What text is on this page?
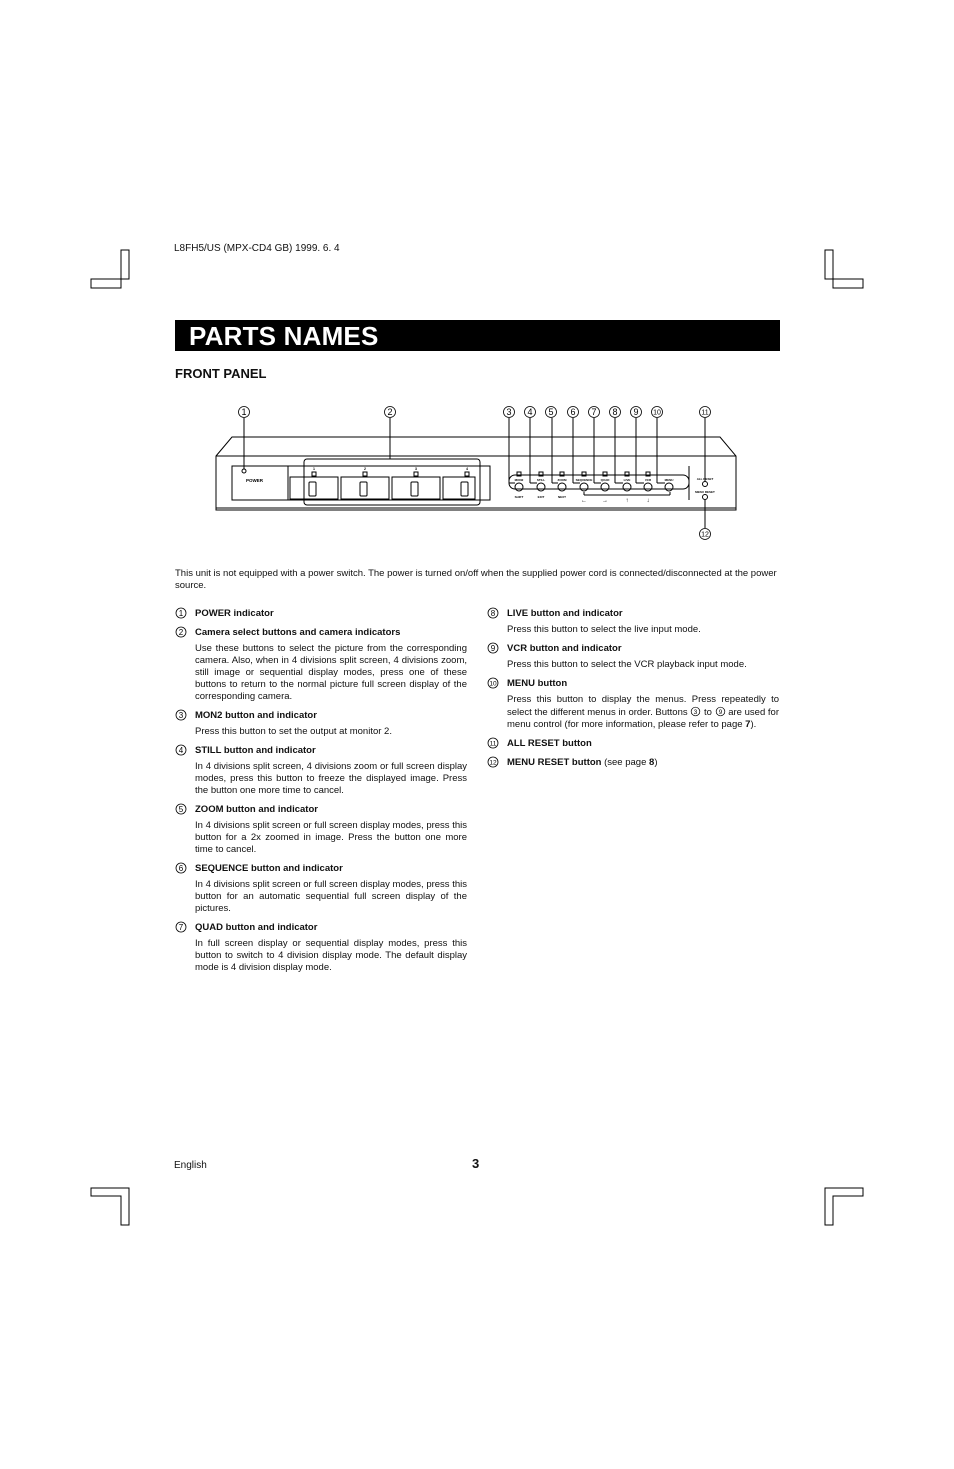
L8FH5/US (MPX-CD4 GB) 1999. 6. 4
PARTS NAMES
FRONT PANEL
1	2	3 4 5 6 7 8 9 10	11
12
POWER
1	2	3	4
MON2	STILL	ZOOM	SEQUENCE	QUAD	LIVE	VCR	MENU
SHIFT	EXIT	NEXT
ALL RESET
MENU RESET
←	→	↑	↓
This unit is not equipped with a power switch. The power is turned on/off when the supplied power cord is connected/disconnected at the power source.
1 POWER indicator
2 Camera select buttons and camera indicators
Use these buttons to select the picture from the corresponding camera. Also, when in 4 divisions split screen, 4 divisions zoom, still image or sequential display modes, press one of these buttons to return to the normal picture full screen display of the corresponding camera.
3 MON2 button and indicator
Press this button to set the output at monitor 2.
4 STILL button and indicator
In 4 divisions split screen, 4 divisions zoom or full screen display modes, press this button to freeze the displayed image. Press the button one more time to cancel.
5 ZOOM button and indicator
In 4 divisions split screen or full screen display modes, press this button for a 2x zoomed in image. Press the button one more time to cancel.
6 SEQUENCE button and indicator
In 4 divisions split screen or full screen display modes, press this button for an automatic sequential full screen display of the pictures.
7 QUAD button and indicator
In full screen display or sequential display modes, press this button to switch to 4 division display mode. The default display mode is 4 division display mode.
8 LIVE button and indicator
Press this button to select the live input mode.
9 VCR button and indicator
Press this button to select the VCR playback input mode.
10 MENU button
Press this button to display the menus. Press repeatedly to select the different menus in order. Buttons 3 to 9 are used for menu control (for more information, please refer to page 7).
11 ALL RESET button
12 MENU RESET button (see page 8)
English	3
